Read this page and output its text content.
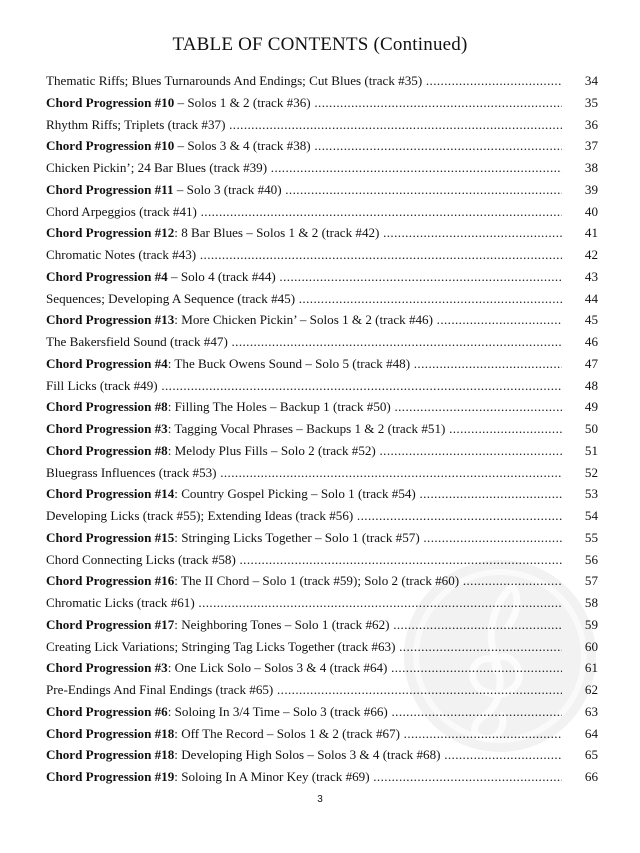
TABLE OF CONTENTS (Continued)
Thematic Riffs; Blues Turnarounds And Endings; Cut Blues (track #35) .....	34
Chord Progression #10 – Solos 1 & 2 (track #36) .....	35
Rhythm Riffs; Triplets (track #37) .....	36
Chord Progression #10 – Solos 3 & 4 (track #38) .....	37
Chicken Pickin’; 24 Bar Blues (track #39) .....	38
Chord Progression #11 – Solo 3 (track #40) .....	39
Chord Arpeggios (track #41) .....	40
Chord Progression #12: 8 Bar Blues – Solos 1 & 2 (track #42) .....	41
Chromatic Notes (track #43) .....	42
Chord Progression #4 – Solo 4 (track #44) .....	43
Sequences; Developing A Sequence (track #45) .....	44
Chord Progression #13: More Chicken Pickin’ – Solos 1 & 2 (track #46) .....	45
The Bakersfield Sound (track #47) .....	46
Chord Progression #4: The Buck Owens Sound – Solo 5 (track #48) .....	47
Fill Licks (track #49) .....	48
Chord Progression #8: Filling The Holes – Backup 1 (track #50) .....	49
Chord Progression #3: Tagging Vocal Phrases – Backups 1 & 2 (track #51) .....	50
Chord Progression #8: Melody Plus Fills – Solo 2 (track #52) .....	51
Bluegrass Influences (track #53) .....	52
Chord Progression #14: Country Gospel Picking – Solo 1 (track #54) .....	53
Developing Licks (track #55); Extending Ideas (track #56) .....	54
Chord Progression #15: Stringing Licks Together – Solo 1 (track #57) .....	55
Chord Connecting Licks (track #58) .....	56
Chord Progression #16: The II Chord – Solo 1 (track #59); Solo 2 (track #60) .....	57
Chromatic Licks (track #61) .....	58
Chord Progression #17: Neighboring Tones – Solo 1 (track #62) .....	59
Creating Lick Variations; Stringing Tag Licks Together (track #63) .....	60
Chord Progression #3: One Lick Solo – Solos 3 & 4 (track #64) .....	61
Pre-Endings And Final Endings (track #65) .....	62
Chord Progression #6: Soloing In 3/4 Time – Solo 3 (track #66) .....	63
Chord Progression #18: Off The Record – Solos 1 & 2 (track #67) .....	64
Chord Progression #18: Developing High Solos – Solos 3 & 4 (track #68) .....	65
Chord Progression #19: Soloing In A Minor Key (track #69) .....	66
3
